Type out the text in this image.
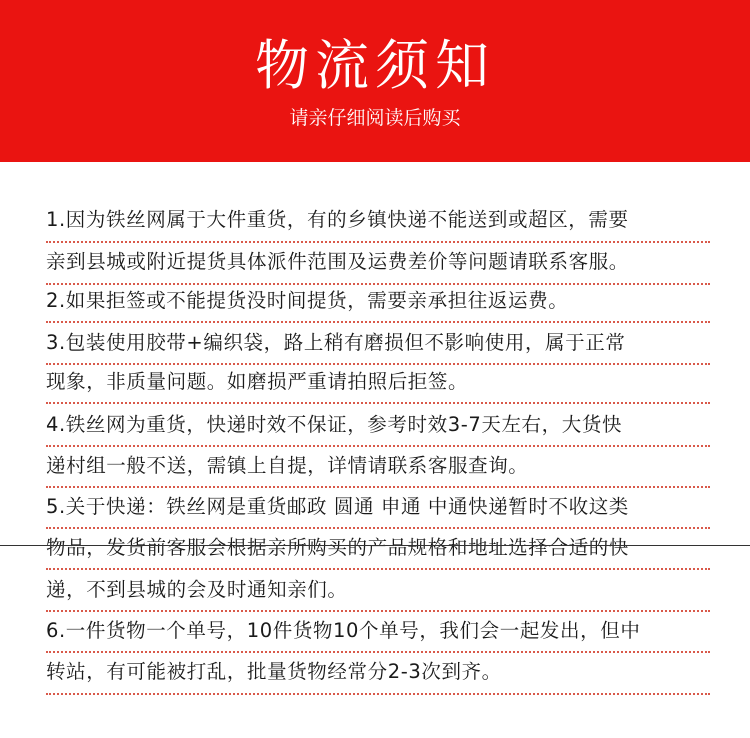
物流须知
请亲仔细阅读后购买
1.因为铁丝网属于大件重货，有的乡镇快递不能送到或超区，需要
亲到县城或附近提货具体派件范围及运费差价等问题请联系客服。
2.如果拒签或不能提货没时间提货，需要亲承担往返运费。
3.包装使用胶带+编织袋，路上稍有磨损但不影响使用，属于正常
现象，非质量问题。如磨损严重请拍照后拒签。
4.铁丝网为重货，快递时效不保证，参考时效3-7天左右，大货快
递村组一般不送，需镇上自提，详情请联系客服查询。
5.关于快递：铁丝网是重货邮政 圆通 申通 中通快递暂时不收这类
物品，发货前客服会根据亲所购买的产品规格和地址选择合适的快
递，不到县城的会及时通知亲们。
6.一件货物一个单号，10件货物10个单号，我们会一起发出，但中
转站，有可能被打乱，批量货物经常分2-3次到齐。
